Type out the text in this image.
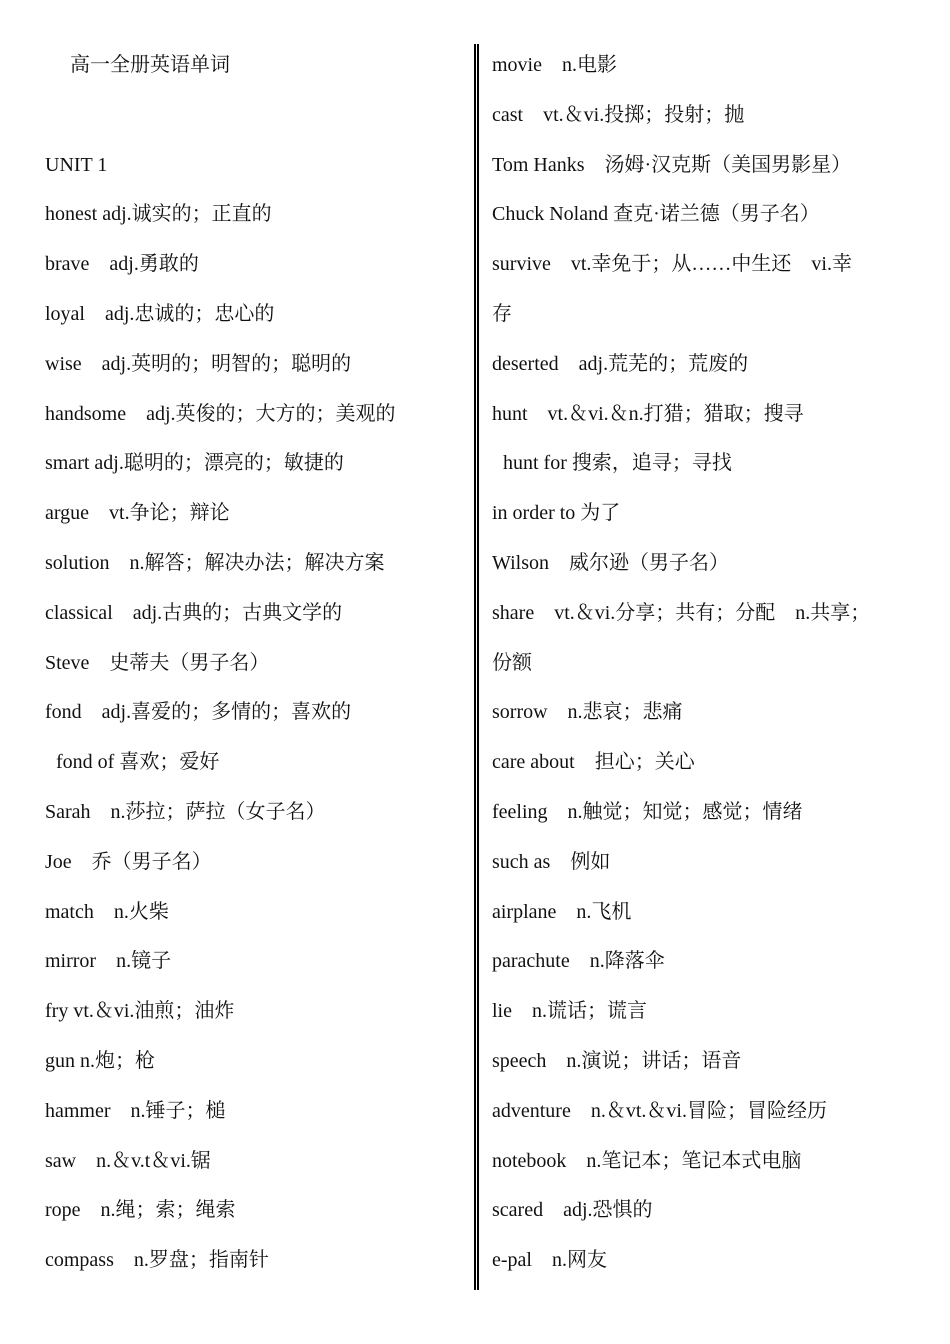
高一全册英语单词
UNIT 1
honest adj.诚实的；正直的
brave　adj.勇敢的
loyal　adj.忠诚的；忠心的
wise　adj.英明的；明智的；聪明的
handsome　adj.英俊的；大方的；美观的
smart adj.聪明的；漂亮的；敏捷的
argue　vt.争论；辩论
solution　n.解答；解决办法；解决方案
classical　adj.古典的；古典文学的
Steve　史蒂夫（男子名）
fond　adj.喜爱的；多情的；喜欢的
fond of 喜欢；爱好
Sarah　n.莎拉；萨拉（女子名）
Joe　乔（男子名）
match　n.火柴
mirror　n.镜子
fry vt.＆vi.油煎；油炸
gun n.炮；枪
hammer　n.锤子；槌
saw　n.＆v.t＆vi.锯
rope　n.绳；索；绳索
compass　n.罗盘；指南针
movie　n.电影
cast　vt.＆vi.投掷；投射；抛
Tom Hanks　汤姆·汉克斯（美国男影星）
Chuck Noland 查克·诺兰德（男子名）
survive　vt.幸免于；从……中生还　vi.幸
存
deserted　adj.荒芜的；荒废的
hunt　vt.＆vi.＆n.打猎；猎取；搜寻
hunt for 搜索，追寻；寻找
in order to 为了
Wilson　威尔逊（男子名）
share　vt.＆vi.分享；共有；分配　n.共享；
份额
sorrow　n.悲哀；悲痛
care about　担心；关心
feeling　n.触觉；知觉；感觉；情绪
such as　例如
airplane　n.飞机
parachute　n.降落伞
lie　n.谎话；谎言
speech　n.演说；讲话；语音
adventure　n.＆vt.＆vi.冒险；冒险经历
notebook　n.笔记本；笔记本式电脑
scared　adj.恐惧的
e-pal　n.网友
